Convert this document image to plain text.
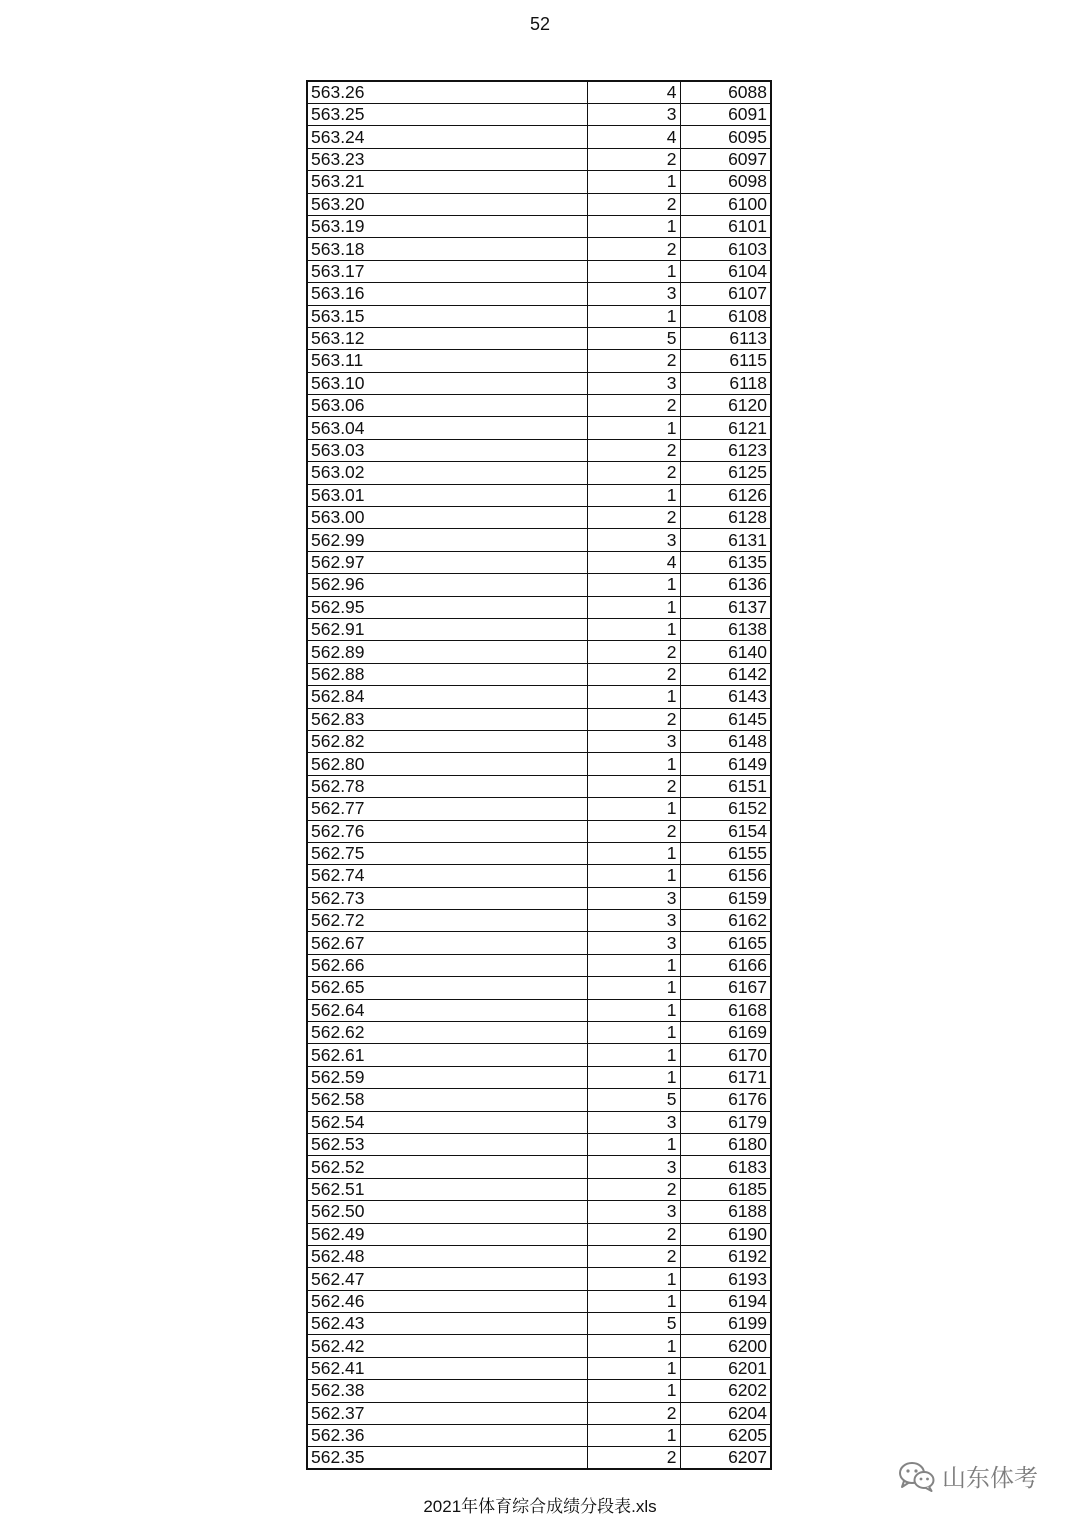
52
563.26	4	6088
563.25	3	6091
563.24	4	6095
563.23	2	6097
563.21	1	6098
563.20	2	6100
563.19	1	6101
563.18	2	6103
563.17	1	6104
563.16	3	6107
563.15	1	6108
563.12	5	6113
563.11	2	6115
563.10	3	6118
563.06	2	6120
563.04	1	6121
563.03	2	6123
563.02	2	6125
563.01	1	6126
563.00	2	6128
562.99	3	6131
562.97	4	6135
562.96	1	6136
562.95	1	6137
562.91	1	6138
562.89	2	6140
562.88	2	6142
562.84	1	6143
562.83	2	6145
562.82	3	6148
562.80	1	6149
562.78	2	6151
562.77	1	6152
562.76	2	6154
562.75	1	6155
562.74	1	6156
562.73	3	6159
562.72	3	6162
562.67	3	6165
562.66	1	6166
562.65	1	6167
562.64	1	6168
562.62	1	6169
562.61	1	6170
562.59	1	6171
562.58	5	6176
562.54	3	6179
562.53	1	6180
562.52	3	6183
562.51	2	6185
562.50	3	6188
562.49	2	6190
562.48	2	6192
562.47	1	6193
562.46	1	6194
562.43	5	6199
562.42	1	6200
562.41	1	6201
562.38	1	6202
562.37	2	6204
562.36	1	6205
562.35	2	6207
2021年体育综合成绩分段表.xls
山东体考
